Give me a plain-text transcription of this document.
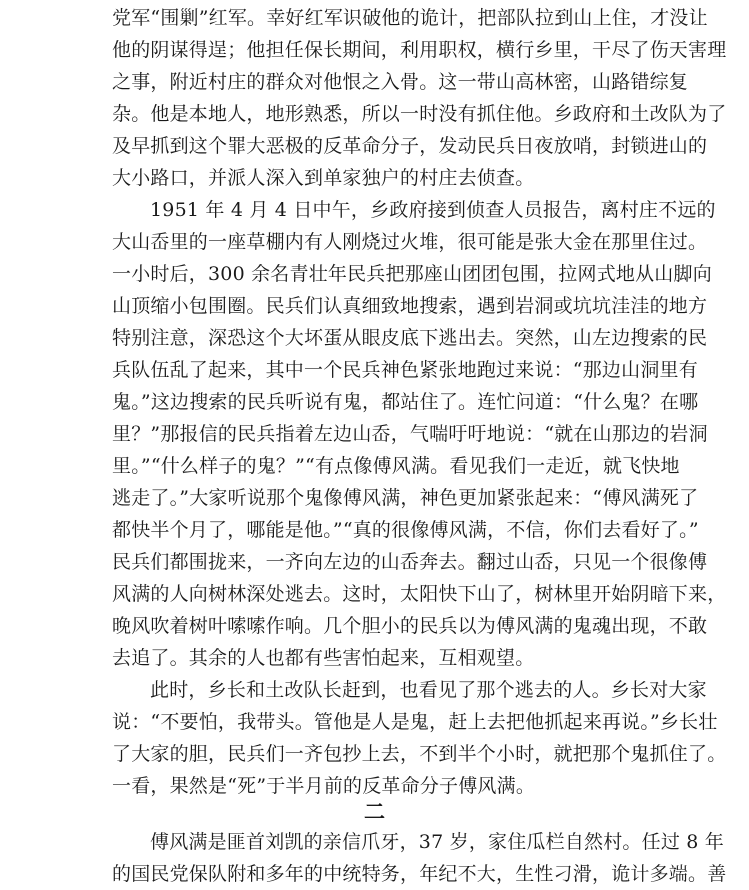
党军“围剿”红军。幸好红军识破他的诡计，把部队拉到山上住，才没让
他的阴谋得逞；他担任保长期间，利用职权，横行乡里，干尽了伤天害理
之事，附近村庄的群众对他恨之入骨。这一带山高林密，山路错综复
杂。他是本地人，地形熟悉，所以一时没有抓住他。乡政府和土改队为了
及早抓到这个罪大恶极的反革命分子，发动民兵日夜放哨，封锁进山的
大小路口，并派人深入到单家独户的村庄去侦查。
1951 年 4 月 4 日中午，乡政府接到侦查人员报告，离村庄不远的
大山岙里的一座草棚内有人刚烧过火堆，很可能是张大金在那里住过。
一小时后，300 余名青壮年民兵把那座山团团包围，拉网式地从山脚向
山顶缩小包围圈。民兵们认真细致地搜索，遇到岩洞或坑坑洼洼的地方
特别注意，深恐这个大坏蛋从眼皮底下逃出去。突然，山左边搜索的民
兵队伍乱了起来，其中一个民兵神色紧张地跑过来说：“那边山洞里有
鬼。”这边搜索的民兵听说有鬼，都站住了。连忙问道：“什么鬼？在哪
里？”那报信的民兵指着左边山岙，气喘吁吁地说：“就在山那边的岩洞
里。”“什么样子的鬼？”“有点像傅风满。看见我们一走近，就飞快地
逃走了。”大家听说那个鬼像傅风满，神色更加紧张起来：“傅风满死了
都快半个月了，哪能是他。”“真的很像傅风满，不信，你们去看好了。”
民兵们都围拢来，一齐向左边的山岙奔去。翻过山岙，只见一个很像傅
风满的人向树林深处逃去。这时，太阳快下山了，树林里开始阴暗下来，
晚风吹着树叶嗦嗦作响。几个胆小的民兵以为傅风满的鬼魂出现，不敢
去追了。其余的人也都有些害怕起来，互相观望。
此时，乡长和土改队长赶到，也看见了那个逃去的人。乡长对大家
说：“不要怕，我带头。管他是人是鬼，赶上去把他抓起来再说。”乡长壮
了大家的胆，民兵们一齐包抄上去，不到半个小时，就把那个鬼抓住了。
一看，果然是“死”于半月前的反革命分子傅风满。
二
傅风满是匪首刘凯的亲信爪牙，37 岁，家住瓜栏自然村。任过 8 年
的国民党保队附和多年的中统特务，年纪不大，生性刁滑，诡计多端。善
